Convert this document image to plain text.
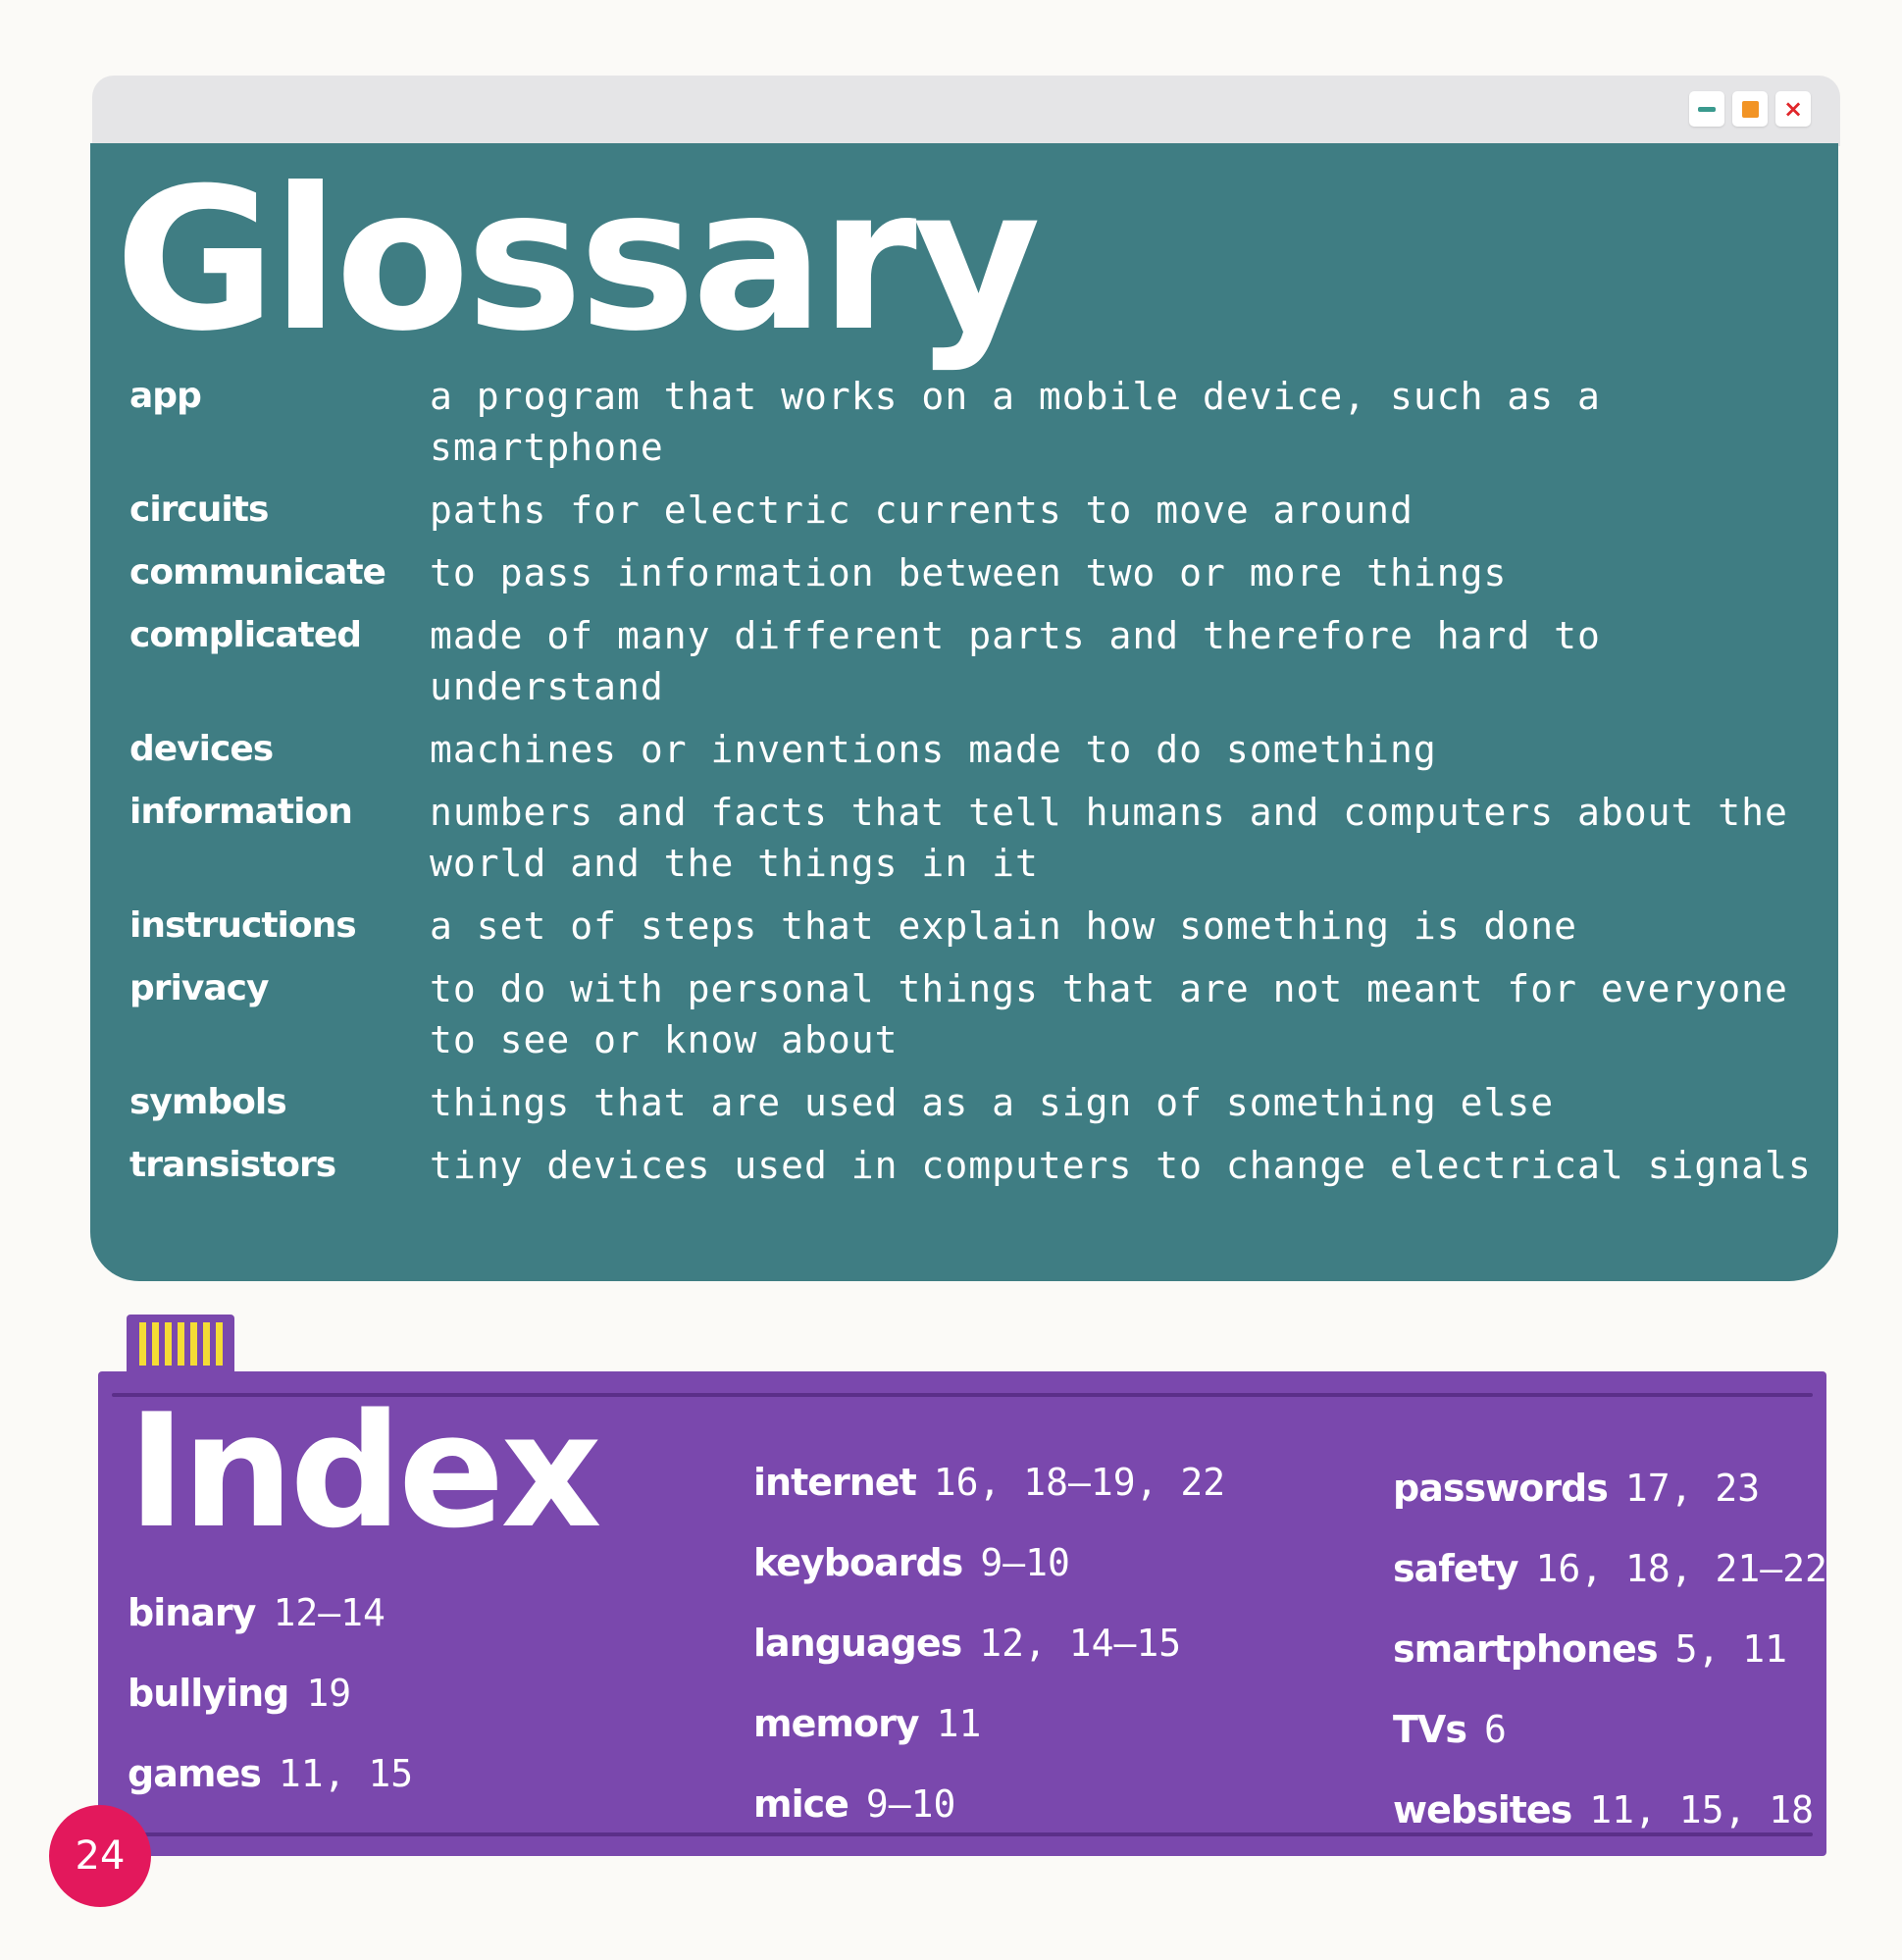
×
Glossary
app	a program that works on a mobile device, such as a smartphone
circuits	paths for electric currents to move around
communicate	to pass information between two or more things
complicated	made of many different parts and therefore hard to understand
devices	machines or inventions made to do something
information	numbers and facts that tell humans and computers about the world and the things in it
instructions	a set of steps that explain how something is done
privacy	to do with personal things that are not meant for everyone to see or know about
symbols	things that are used as a sign of something else
transistors	tiny devices used in computers to change electrical signals
Index
binary 12–14
bullying 19
games 11, 15
internet 16, 18–19, 22
keyboards 9–10
languages 12, 14–15
memory 11
mice 9–10
passwords 17, 23
safety 16, 18, 21–22
smartphones 5, 11
TVs 6
websites 11, 15, 18
24
